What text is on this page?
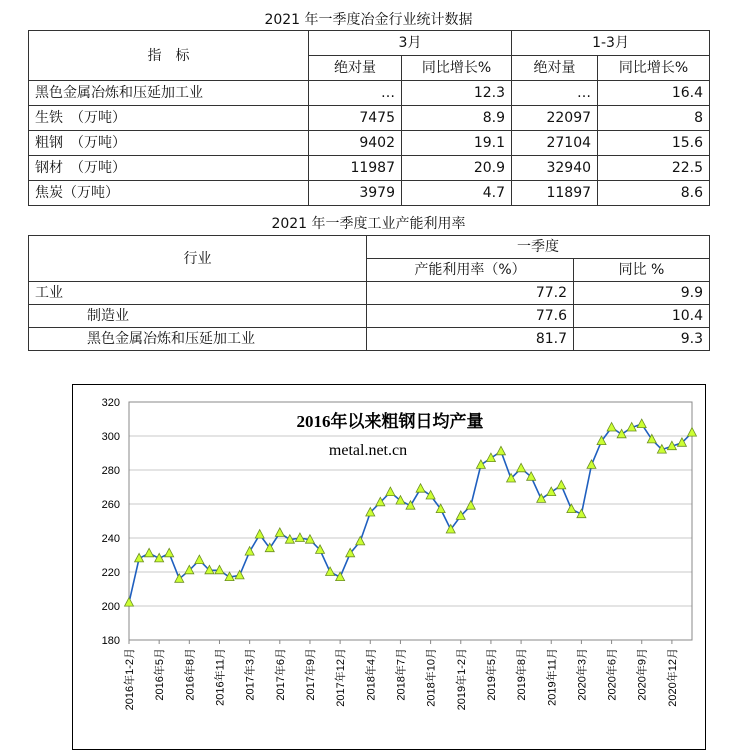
2021 年一季度冶金行业统计数据
指　标	3月		1-3月	
	绝对量	同比增长%	绝对量	同比增长%
黑色金属冶炼和压延加工业	…	12.3	…	16.4
生铁　（万吨）	7475	8.9	22097	8
粗钢　（万吨）	9402	19.1	27104	15.6
钢材　（万吨）	11987	20.9	32940	22.5
焦炭（万吨）	3979	4.7	11897	8.6
2021 年一季度工业产能利用率
行业	一季度	
	产能利用率（%）	同比 %
工业	77.2	9.9
制造业	77.6	10.4
黑色金属冶炼和压延加工业	81.7	9.3
2016年以来粗钢日均产量
metal.net.cn
180
200
220
240
260
280
300
320
2016年1-2月 2016年5月 2016年8月 2016年11月 2017年3月 2017年6月 2017年9月 2017年12月 2018年4月 2018年7月 2018年10月 2019年1-2月 2019年5月 2019年8月 2019年11月 2020年3月 2020年6月 2020年9月 2020年12月
